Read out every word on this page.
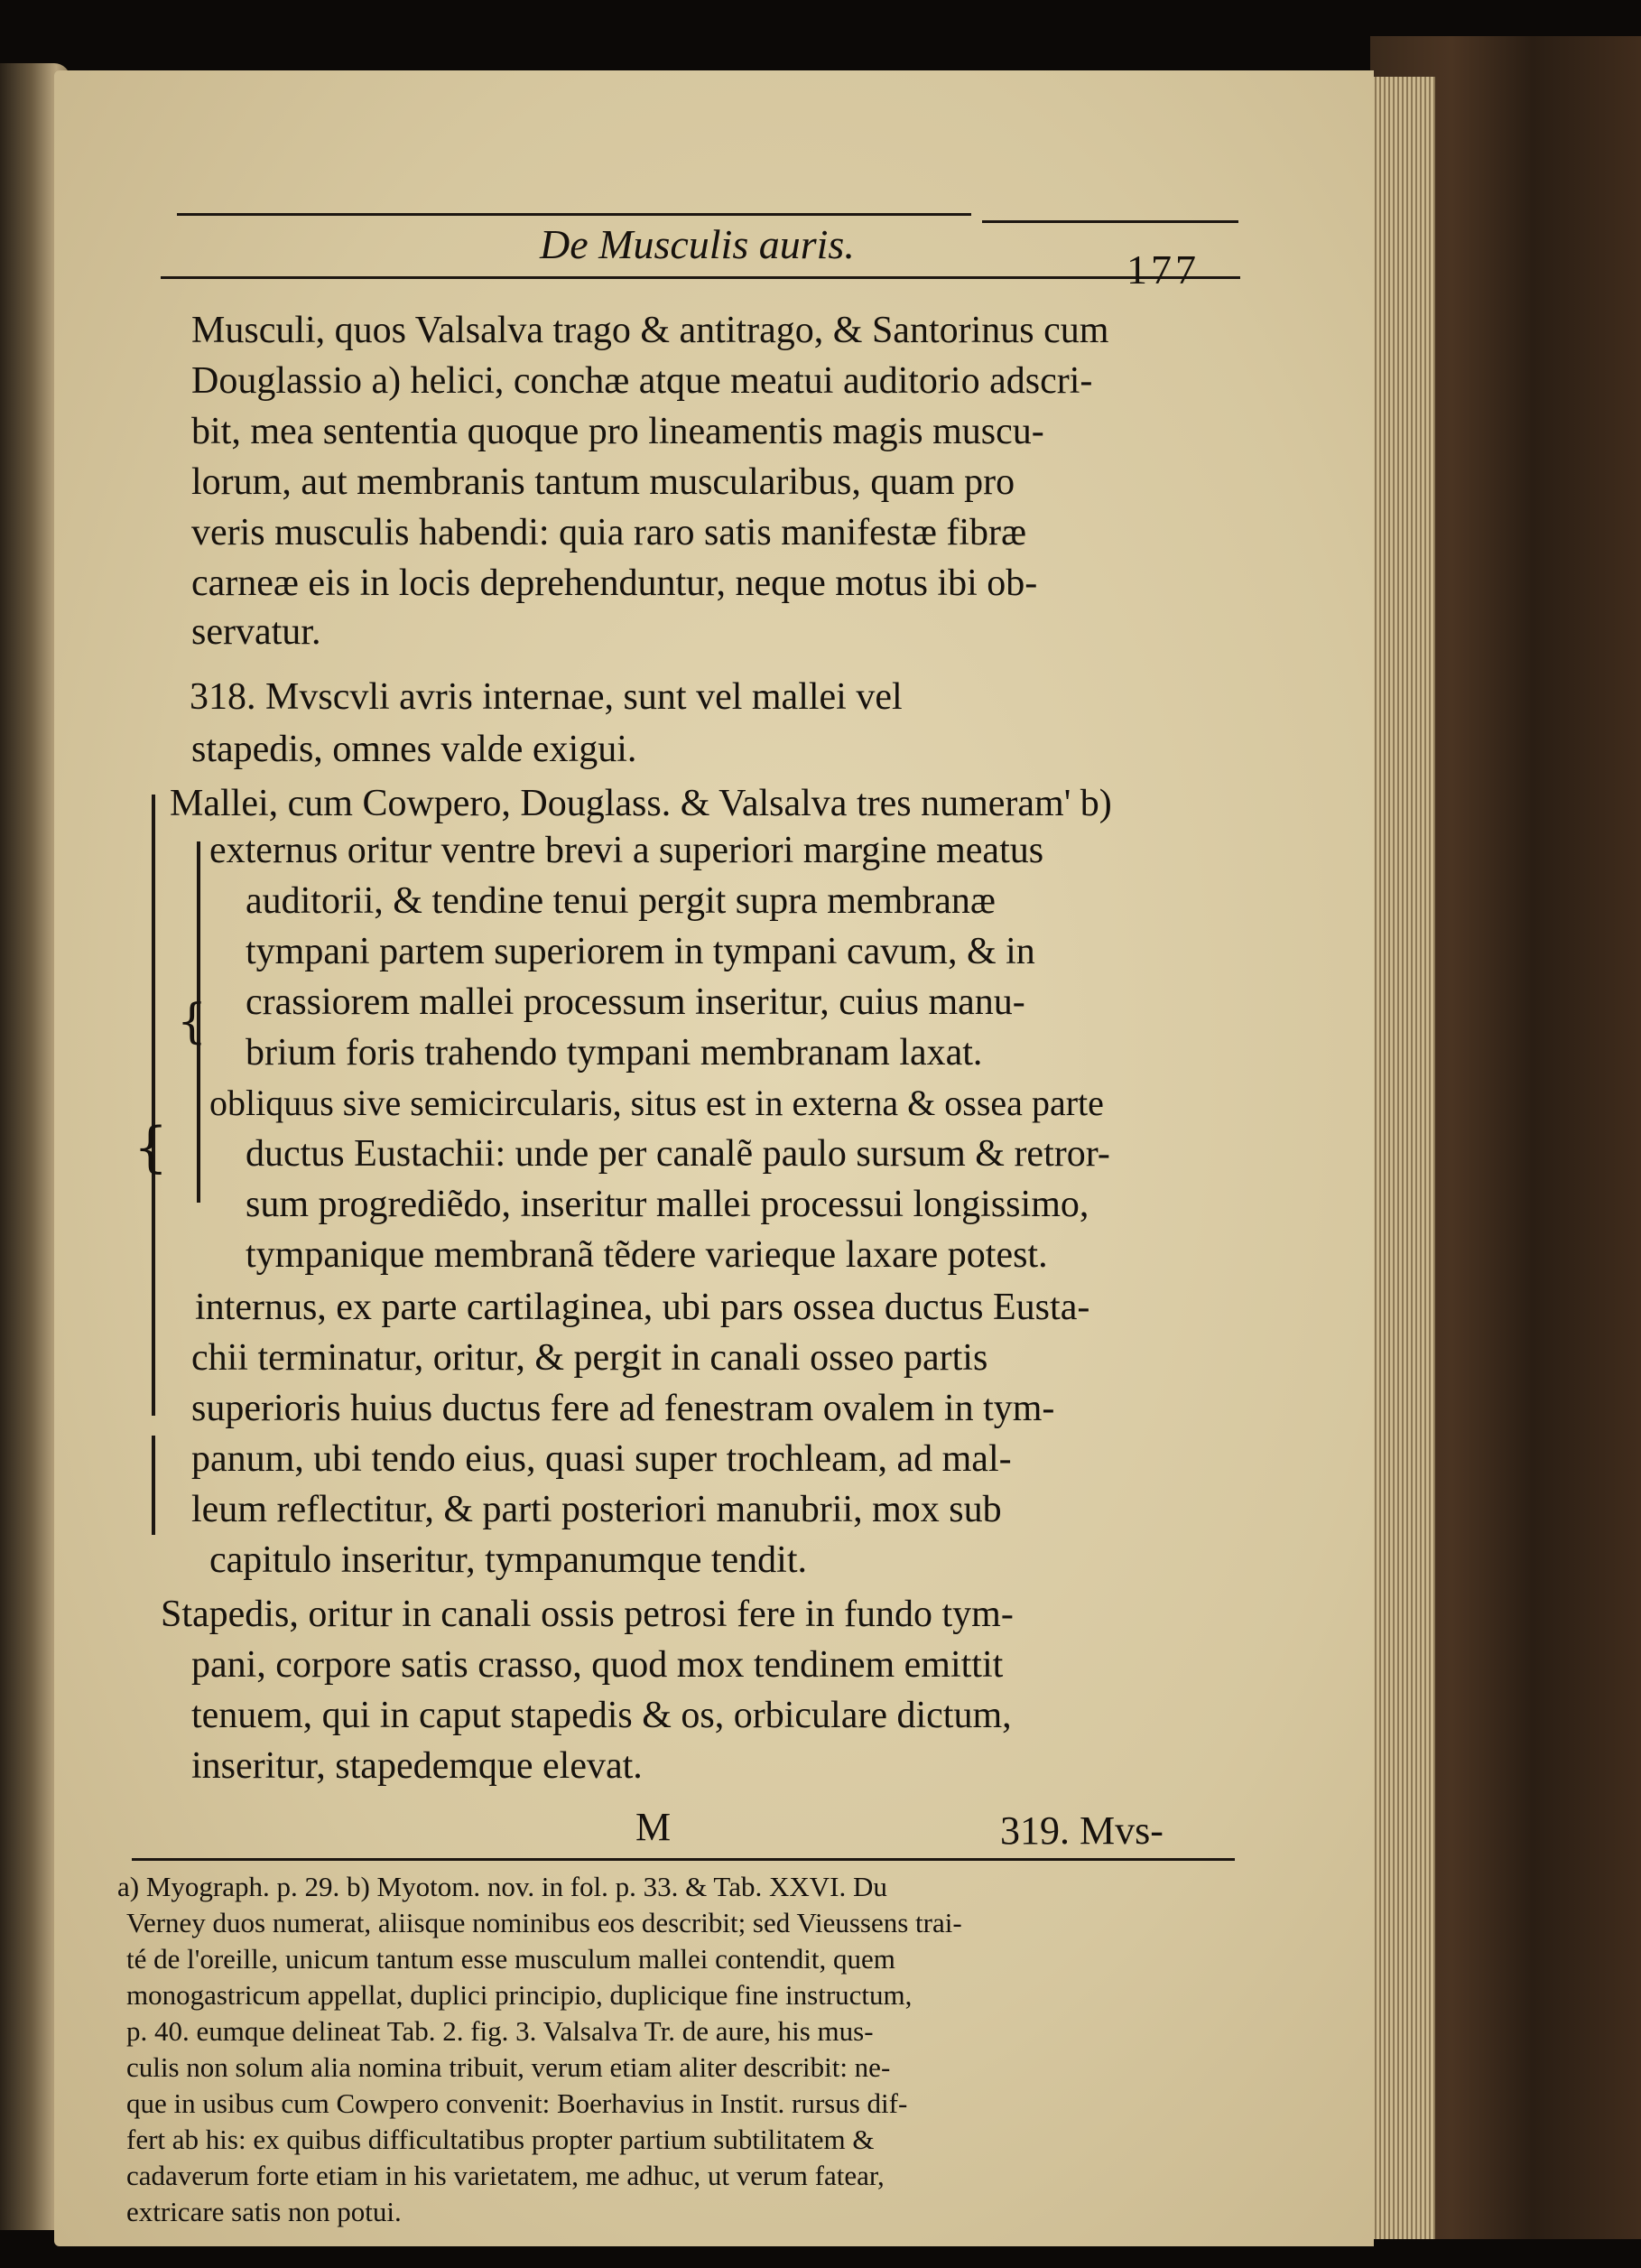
De Musculis auris.
177
Musculi, quos Valsalva trago & antitrago, & Santorinus cum
Douglassio a) helici, conchæ atque meatui auditorio adscri-
bit, mea sententia quoque pro lineamentis magis muscu-
lorum, aut membranis tantum muscularibus, quam pro
veris musculis habendi: quia raro satis manifestæ fibræ
carneæ eis in locis deprehenduntur, neque motus ibi ob-
servatur.
318. Mvscvli avris internae, sunt vel mallei vel
stapedis, omnes valde exigui.
Mallei, cum Cowpero, Douglass. & Valsalva tres numeram' b)
{
{
externus oritur ventre brevi a superiori margine meatus
auditorii, & tendine tenui pergit supra membranæ
tympani partem superiorem in tympani cavum, & in
crassiorem mallei processum inseritur, cuius manu-
brium foris trahendo tympani membranam laxat.
obliquus sive semicircularis, situs est in externa & ossea parte
ductus Eustachii: unde per canalẽ paulo sursum & retror-
sum progrediẽdo, inseritur mallei processui longissimo,
tympanique membranã tẽdere varieque laxare potest.
internus, ex parte cartilaginea, ubi pars ossea ductus Eusta-
chii terminatur, oritur, & pergit in canali osseo partis
superioris huius ductus fere ad fenestram ovalem in tym-
panum, ubi tendo eius, quasi super trochleam, ad mal-
leum reflectitur, & parti posteriori manubrii, mox sub
capitulo inseritur, tympanumque tendit.
Stapedis, oritur in canali ossis petrosi fere in fundo tym-
pani, corpore satis crasso, quod mox tendinem emittit
tenuem, qui in caput stapedis & os, orbiculare dictum,
inseritur, stapedemque elevat.
M	319. Mvs-
a) Myograph. p. 29. b) Myotom. nov. in fol. p. 33. & Tab. XXVI. Du
Verney duos numerat, aliisque nominibus eos describit; sed Vieussens trai-
té de l'oreille, unicum tantum esse musculum mallei contendit, quem
monogastricum appellat, duplici principio, duplicique fine instructum,
p. 40. eumque delineat Tab. 2. fig. 3. Valsalva Tr. de aure, his mus-
culis non solum alia nomina tribuit, verum etiam aliter describit: ne-
que in usibus cum Cowpero convenit: Boerhavius in Instit. rursus dif-
fert ab his: ex quibus difficultatibus propter partium subtilitatem &
cadaverum forte etiam in his varietatem, me adhuc, ut verum fatear,
extricare satis non potui.
